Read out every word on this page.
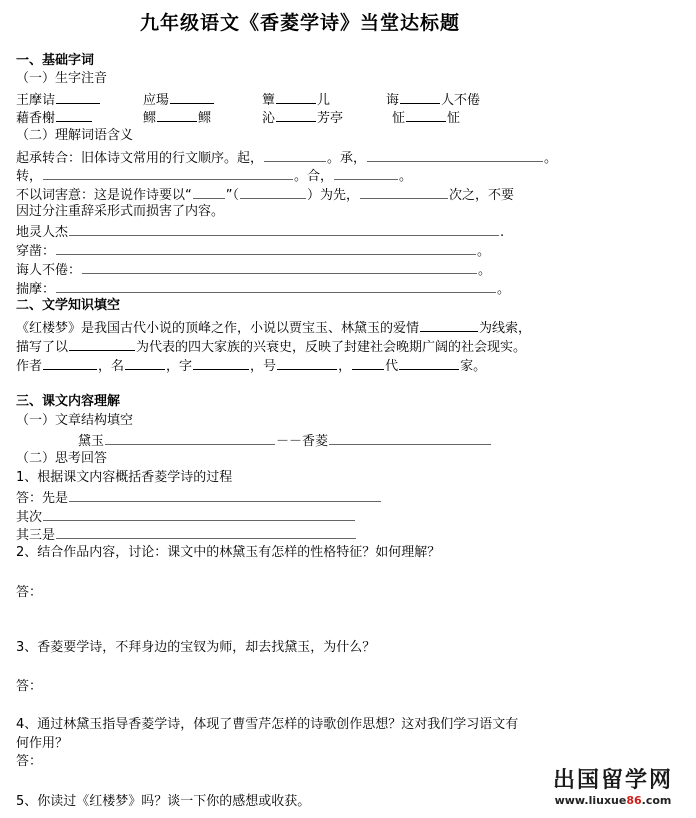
九年级语文《香菱学诗》当堂达标题
一、基础字词
（一）生字注音
王摩诘	应瑒	簟	儿	诲	人不倦
藉香榭	鳏	鳏	沁	芳亭	怔	怔
（二）理解词语含义
起承转合：旧体诗文常用的行文顺序。起，	。承，	。
转，	。合，	。
不以词害意：这是说作诗要以“	”（	）为先，	次之，不要
因过分注重辞采形式而损害了内容。
地灵人杰	.
穿凿：	。
诲人不倦：	。
揣摩：	。
二、文学知识填空
《红楼梦》是我国古代小说的顶峰之作，小说以贾宝玉、林黛玉的爱情	为线索，
描写了以	为代表的四大家族的兴衰史，反映了封建社会晚期广阔的社会现实。
作者	，名	，字	，号	，	代	家。
三、课文内容理解
（一）文章结构填空
黛玉	－－香菱
（二）思考回答
1、根据课文内容概括香菱学诗的过程
答：先是
其次
其三是
2、结合作品内容，讨论：课文中的林黛玉有怎样的性格特征？如何理解？
答：
3、香菱要学诗，不拜身边的宝钗为师，却去找黛玉，为什么？
答：
4、通过林黛玉指导香菱学诗，体现了曹雪芹怎样的诗歌创作思想？这对我们学习语文有
何作用？
答：
5、你读过《红楼梦》吗？谈一下你的感想或收获。
出国留学网
www.liuxue86.com
